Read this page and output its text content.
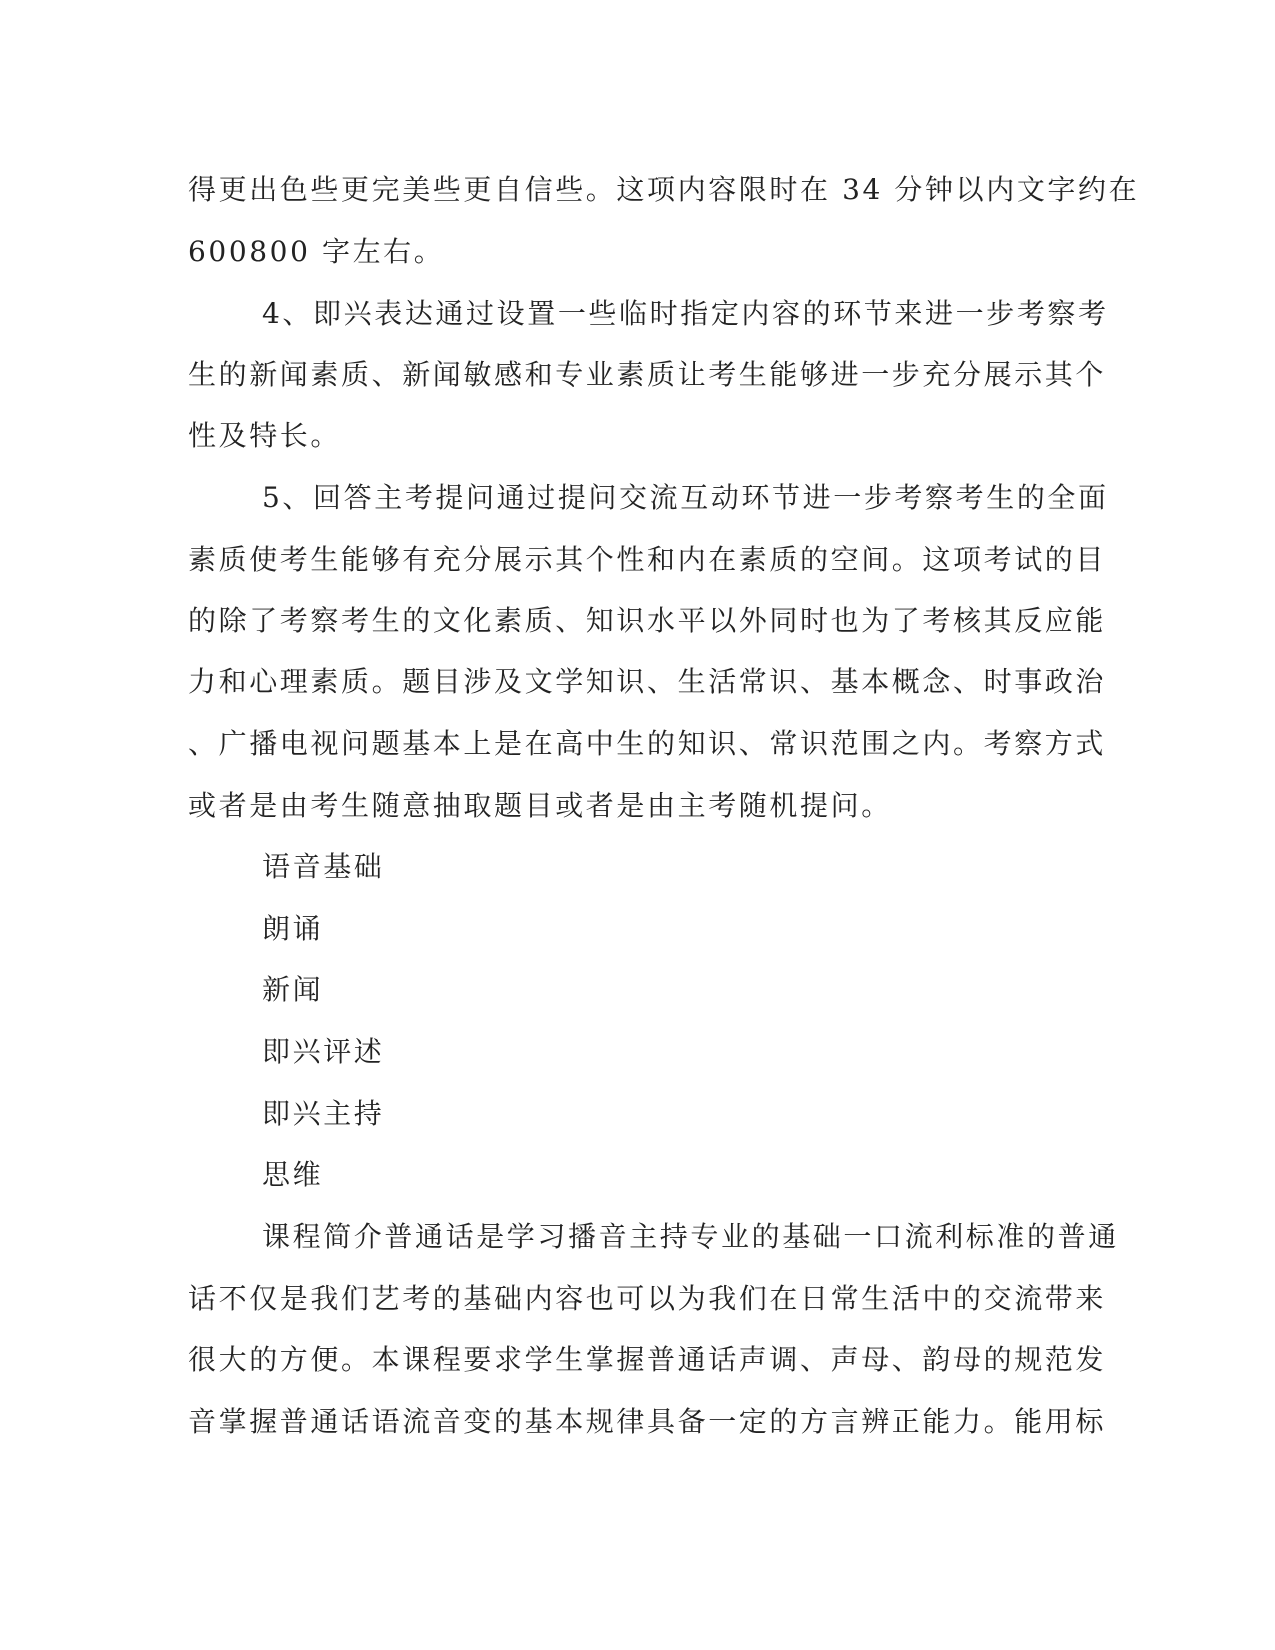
得更出色些更完美些更自信些。这项内容限时在 34 分钟以内文字约在
600800 字左右。
4、即兴表达通过设置一些临时指定内容的环节来进一步考察考
生的新闻素质、新闻敏感和专业素质让考生能够进一步充分展示其个
性及特长。
5、回答主考提问通过提问交流互动环节进一步考察考生的全面
素质使考生能够有充分展示其个性和内在素质的空间。这项考试的目
的除了考察考生的文化素质、知识水平以外同时也为了考核其反应能
力和心理素质。题目涉及文学知识、生活常识、基本概念、时事政治
、广播电视问题基本上是在高中生的知识、常识范围之内。考察方式
或者是由考生随意抽取题目或者是由主考随机提问。
语音基础
朗诵
新闻
即兴评述
即兴主持
思维
课程简介普通话是学习播音主持专业的基础一口流利标准的普通
话不仅是我们艺考的基础内容也可以为我们在日常生活中的交流带来
很大的方便。本课程要求学生掌握普通话声调、声母、韵母的规范发
音掌握普通话语流音变的基本规律具备一定的方言辨正能力。能用标
